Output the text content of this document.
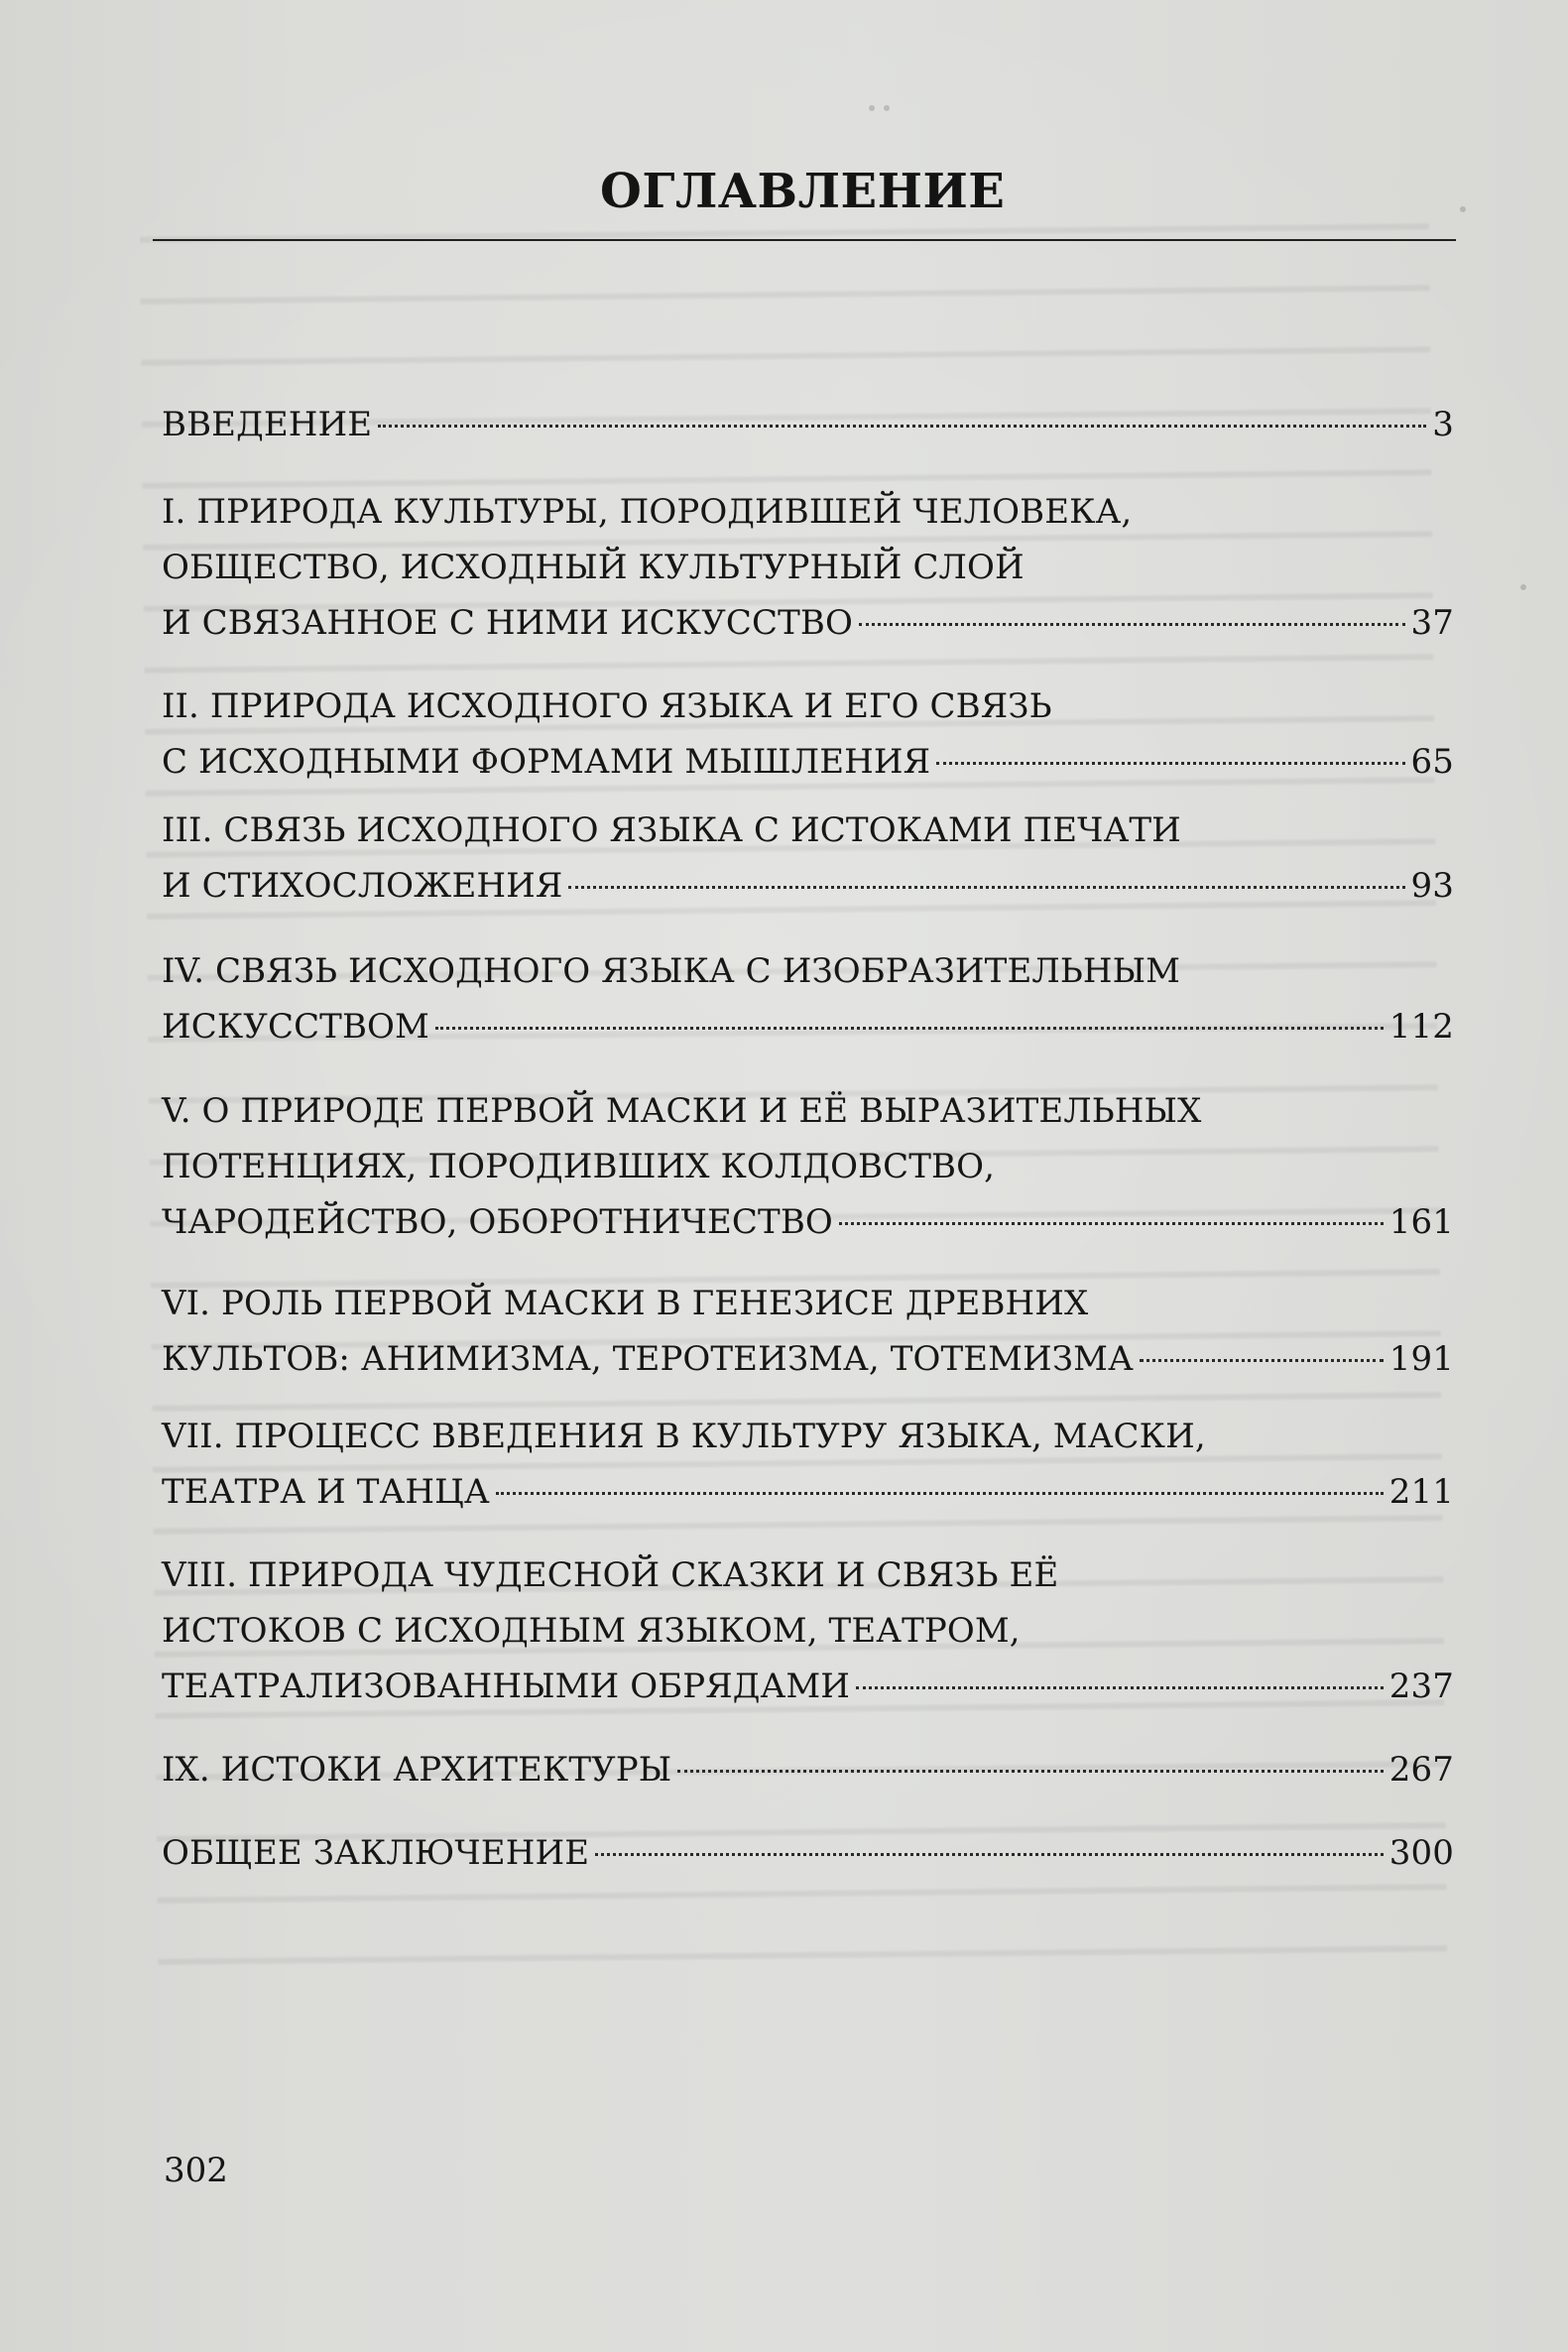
ОГЛАВЛЕНИЕ
ВВЕДЕНИЕ	3
I. ПРИРОДА КУЛЬТУРЫ, ПОРОДИВШЕЙ ЧЕЛОВЕКА,
ОБЩЕСТВО, ИСХОДНЫЙ КУЛЬТУРНЫЙ СЛОЙ
И СВЯЗАННОЕ С НИМИ ИСКУССТВО	37
II. ПРИРОДА ИСХОДНОГО ЯЗЫКА И ЕГО СВЯЗЬ
С ИСХОДНЫМИ ФОРМАМИ МЫШЛЕНИЯ	65
III. СВЯЗЬ ИСХОДНОГО ЯЗЫКА С ИСТОКАМИ ПЕЧАТИ
И СТИХОСЛОЖЕНИЯ	93
IV. СВЯЗЬ ИСХОДНОГО ЯЗЫКА С ИЗОБРАЗИТЕЛЬНЫМ
ИСКУССТВОМ	112
V. О ПРИРОДЕ ПЕРВОЙ МАСКИ И ЕЁ ВЫРАЗИТЕЛЬНЫХ
ПОТЕНЦИЯХ, ПОРОДИВШИХ КОЛДОВСТВО,
ЧАРОДЕЙСТВО, ОБОРОТНИЧЕСТВО	161
VI. РОЛЬ ПЕРВОЙ МАСКИ В ГЕНЕЗИСЕ ДРЕВНИХ
КУЛЬТОВ: АНИМИЗМА, ТЕРОТЕИЗМА, ТОТЕМИЗМА	191
VII. ПРОЦЕСС ВВЕДЕНИЯ В КУЛЬТУРУ ЯЗЫКА, МАСКИ,
ТЕАТРА И ТАНЦА	211
VIII. ПРИРОДА ЧУДЕСНОЙ СКАЗКИ И СВЯЗЬ ЕЁ
ИСТОКОВ С ИСХОДНЫМ ЯЗЫКОМ, ТЕАТРОМ,
ТЕАТРАЛИЗОВАННЫМИ ОБРЯДАМИ	237
IX. ИСТОКИ АРХИТЕКТУРЫ	267
ОБЩЕЕ ЗАКЛЮЧЕНИЕ	300
302
